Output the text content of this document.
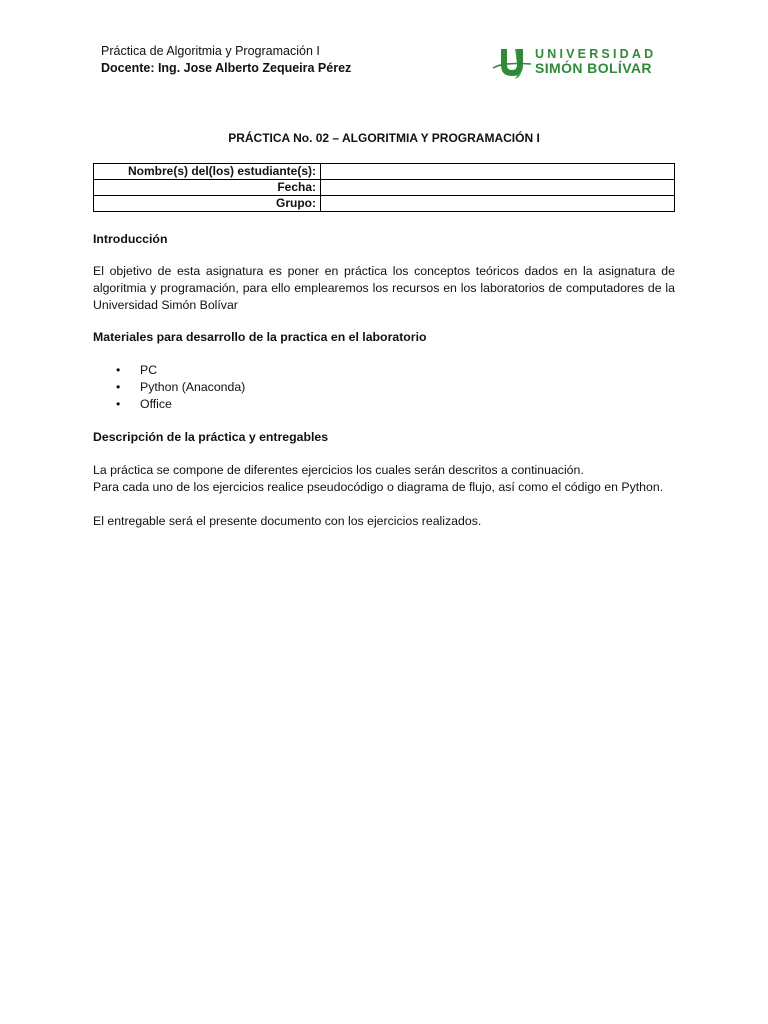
Práctica de Algoritmia y Programación I
Docente: Ing. Jose Alberto Zequeira Pérez
UNIVERSIDAD
SIMÓN BOLÍVAR
PRÁCTICA No. 02 – ALGORITMIA Y PROGRAMACIÓN I
Nombre(s) del(los) estudiante(s):	
Fecha:	
Grupo:	
Introducción
El objetivo de esta asignatura es poner en práctica los conceptos teóricos dados en la asignatura de algoritmia y programación, para ello emplearemos los recursos en los laboratorios de computadores de la Universidad Simón Bolívar
Materiales para desarrollo de la practica en el laboratorio
• PC
• Python (Anaconda)
• Office
Descripción de la práctica y entregables
La práctica se compone de diferentes ejercicios los cuales serán descritos a continuación.
Para cada uno de los ejercicios realice pseudocódigo o diagrama de flujo, así como el código en Python.
El entregable será el presente documento con los ejercicios realizados.
